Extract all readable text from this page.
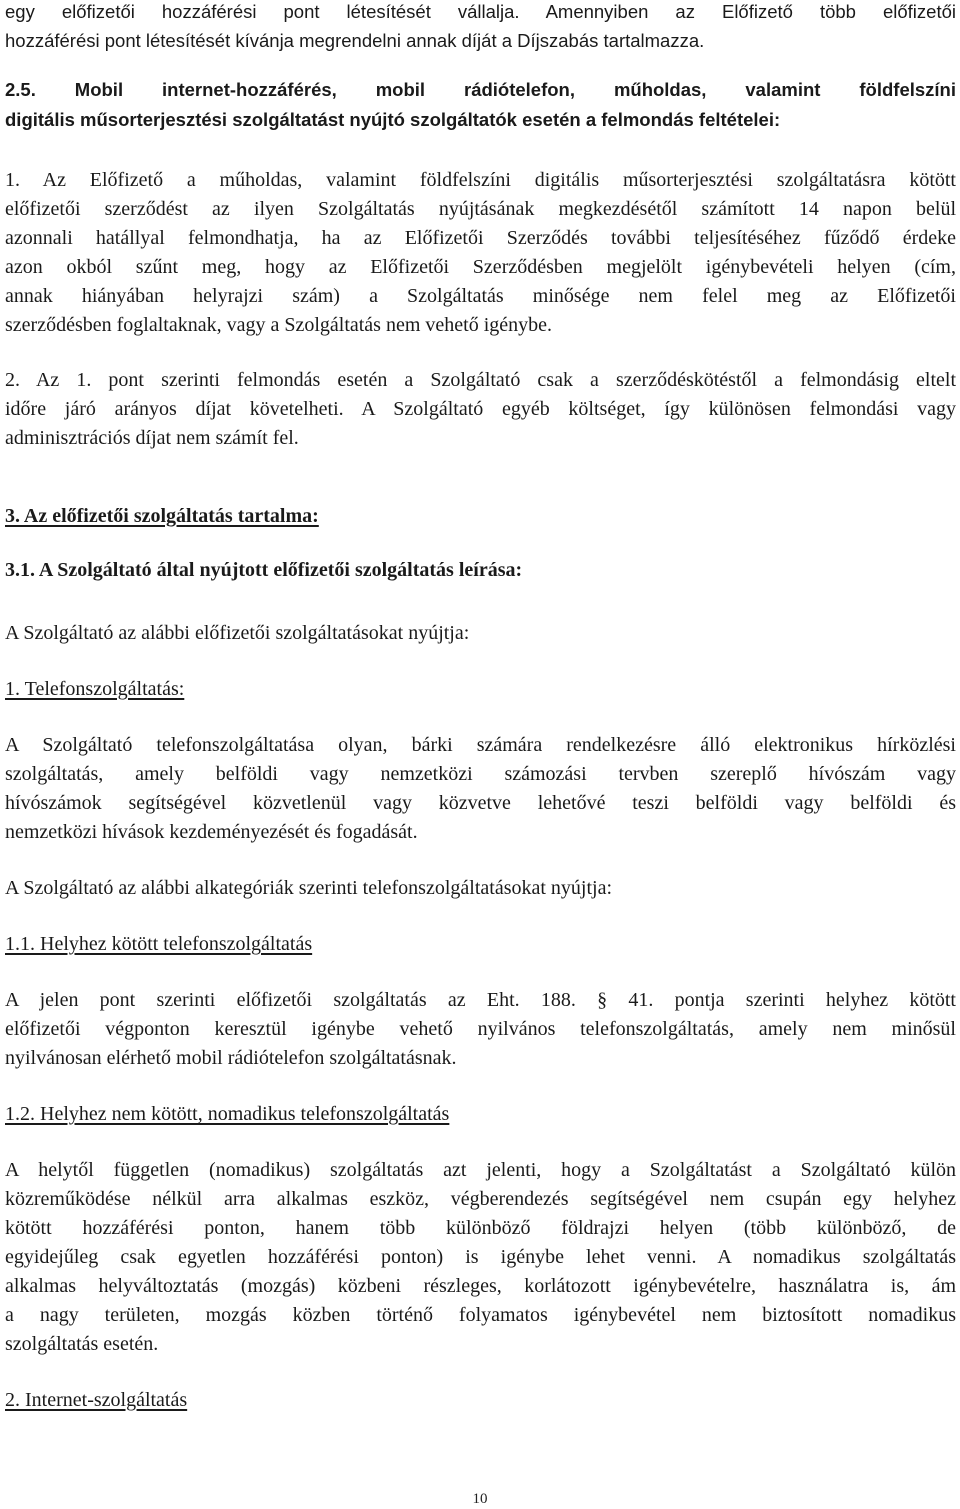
egy előfizetői hozzáférési pont létesítését vállalja. Amennyiben az Előfizető több előfizetői
hozzáférési pont létesítését kívánja megrendelni annak díját a Díjszabás tartalmazza.
2.5. Mobil internet-hozzáférés, mobil rádiótelefon, műholdas, valamint földfelszíni
digitális műsorterjesztési szolgáltatást nyújtó szolgáltatók esetén a felmondás feltételei:
1. Az Előfizető a műholdas, valamint földfelszíni digitális műsorterjesztési szolgáltatásra kötött
előfizetői szerződést az ilyen Szolgáltatás nyújtásának megkezdésétől számított 14 napon belül
azonnali hatállyal felmondhatja, ha az Előfizetői Szerződés további teljesítéséhez fűződő érdeke
azon okból szűnt meg, hogy az Előfizetői Szerződésben megjelölt igénybevételi helyen (cím,
annak hiányában helyrajzi szám) a Szolgáltatás minősége nem felel meg az Előfizetői
szerződésben foglaltaknak, vagy a Szolgáltatás nem vehető igénybe.
2. Az 1. pont szerinti felmondás esetén a Szolgáltató csak a szerződéskötéstől a felmondásig eltelt
időre járó arányos díjat követelheti. A Szolgáltató egyéb költséget, így különösen felmondási vagy
adminisztrációs díjat nem számít fel.
3. Az előfizetői szolgáltatás tartalma:
3.1. A Szolgáltató által nyújtott előfizetői szolgáltatás leírása:
A Szolgáltató az alábbi előfizetői szolgáltatásokat nyújtja:
1. Telefonszolgáltatás:
A Szolgáltató telefonszolgáltatása olyan, bárki számára rendelkezésre álló elektronikus hírközlési
szolgáltatás, amely belföldi vagy nemzetközi számozási tervben szereplő hívószám vagy
hívószámok segítségével közvetlenül vagy közvetve lehetővé teszi belföldi vagy belföldi és
nemzetközi hívások kezdeményezését és fogadását.
A Szolgáltató az alábbi alkategóriák szerinti telefonszolgáltatásokat nyújtja:
1.1. Helyhez kötött telefonszolgáltatás
A jelen pont szerinti előfizetői szolgáltatás az Eht. 188. § 41. pontja szerinti helyhez kötött
előfizetői végponton keresztül igénybe vehető nyilvános telefonszolgáltatás, amely nem minősül
nyilvánosan elérhető mobil rádiótelefon szolgáltatásnak.
1.2. Helyhez nem kötött, nomadikus telefonszolgáltatás
A helytől független (nomadikus) szolgáltatás azt jelenti, hogy a Szolgáltatást a Szolgáltató külön
közreműködése nélkül arra alkalmas eszköz, végberendezés segítségével nem csupán egy helyhez
kötött hozzáférési ponton, hanem több különböző földrajzi helyen (több különböző, de
egyidejűleg csak egyetlen hozzáférési ponton) is igénybe lehet venni. A nomadikus szolgáltatás
alkalmas helyváltoztatás (mozgás) közbeni részleges, korlátozott igénybevételre, használatra is, ám
a nagy területen, mozgás közben történő folyamatos igénybevétel nem biztosított nomadikus
szolgáltatás esetén.
2. Internet-szolgáltatás
10
